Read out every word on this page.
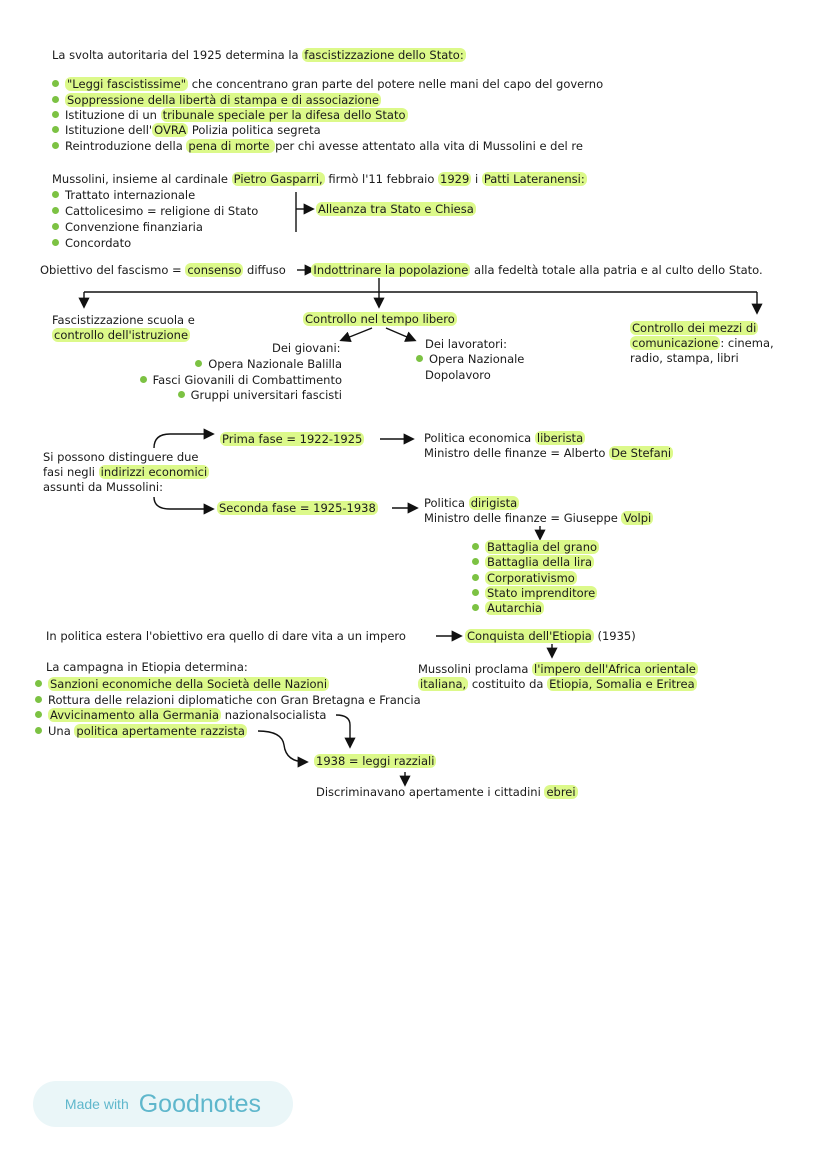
La svolta autoritaria del 1925 determina la fascistizzazione dello Stato:
"Leggi fascistissime" che concentrano gran parte del potere nelle mani del capo del governo
Soppressione della libertà di stampa e di associazione
Istituzione di un tribunale speciale per la difesa dello Stato
Istituzione dell' OVRA Polizia politica segreta
Reintroduzione della pena di morte per chi avesse attentato alla vita di Mussolini e del re
Mussolini, insieme al cardinale Pietro Gasparri, firmò l'11 febbraio 1929 i Patti Lateranensi:
Trattato internazionale
Cattolicesimo = religione di Stato
Convenzione finanziaria
Concordato
Alleanza tra Stato e Chiesa
Obiettivo del fascismo = consenso diffuso Indottrinare la popolazione alla fedeltà totale alla patria e al culto dello Stato.
Fascistizzazione scuola e
controllo dell'istruzione
Controllo nel tempo libero
Dei giovani:
Opera Nazionale Balilla
Fasci Giovanili di Combattimento
Gruppi universitari fascisti
Dei lavoratori:
Opera Nazionale
Dopolavoro
Controllo dei mezzi di
comunicazione : cinema,
radio, stampa, libri
Si possono distinguere due
fasi negli indirizzi economici
assunti da Mussolini:
Prima fase = 1922-1925	Politica economica liberista
Ministro delle finanze = Alberto De Stefani
Seconda fase = 1925-1938	Politica dirigista
Ministro delle finanze = Giuseppe Volpi
Battaglia del grano
Battaglia della lira
Corporativismo
Stato imprenditore
Autarchia
In politica estera l'obiettivo era quello di dare vita a un impero	Conquista dell'Etiopia (1935)
Mussolini proclama l'impero dell'Africa orientale
italiana, costituito da Etiopia, Somalia e Eritrea
La campagna in Etiopia determina:
Sanzioni economiche della Società delle Nazioni
Rottura delle relazioni diplomatiche con Gran Bretagna e Francia
Avvicinamento alla Germania nazionalsocialista
Una politica apertamente razzista
1938 = leggi razziali
Discriminavano apertamente i cittadini ebrei
Made with Goodnotes
